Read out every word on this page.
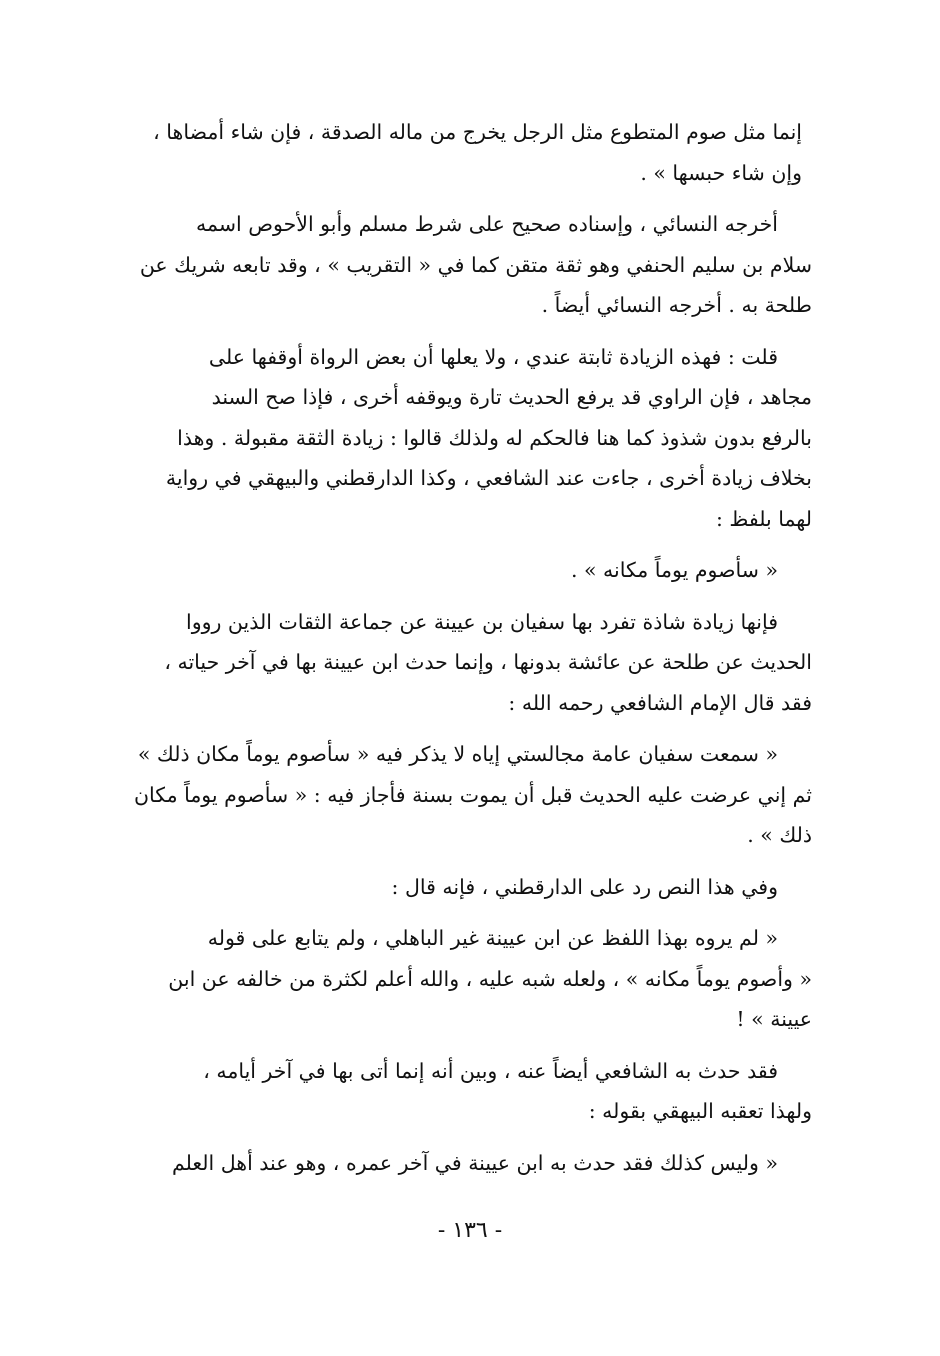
إنما مثل صوم المتطوع مثل الرجل يخرج من ماله الصدقة ، فإن شاء أمضاها ،
وإن شاء حبسها » .
أخرجه النسائي ، وإسناده صحيح على شرط مسلم وأبو الأحوص اسمه
سلام بن سليم الحنفي وهو ثقة متقن كما في « التقريب » ، وقد تابعه شريك عن
طلحة به . أخرجه النسائي أيضاً .
قلت : فهذه الزيادة ثابتة عندي ، ولا يعلها أن بعض الرواة أوقفها على
مجاهد ، فإن الراوي قد يرفع الحديث تارة ويوقفه أخرى ، فإذا صح السند
بالرفع بدون شذوذ كما هنا فالحكم له ولذلك قالوا : زيادة الثقة مقبولة . وهذا
بخلاف زيادة أخرى ، جاءت عند الشافعي ، وكذا الدارقطني والبيهقي في رواية
لهما بلفظ :
« سأصوم يوماً مكانه » .
فإنها زيادة شاذة تفرد بها سفيان بن عيينة عن جماعة الثقات الذين رووا
الحديث عن طلحة عن عائشة بدونها ، وإنما حدث ابن عيينة بها في آخر حياته ،
فقد قال الإمام الشافعي رحمه الله :
« سمعت سفيان عامة مجالستي إياه لا يذكر فيه « سأصوم يوماً مكان ذلك »
ثم إني عرضت عليه الحديث قبل أن يموت بسنة فأجاز فيه : « سأصوم يوماً مكان
ذلك » .
وفي هذا النص رد على الدارقطني ، فإنه قال :
« لم يروه بهذا اللفظ عن ابن عيينة غير الباهلي ، ولم يتابع على قوله
« وأصوم يوماً مكانه » ، ولعله شبه عليه ، والله أعلم لكثرة من خالفه عن ابن
عيينة » !
فقد حدث به الشافعي أيضاً عنه ، وبين أنه إنما أتى بها في آخر أيامه ،
ولهذا تعقبه البيهقي بقوله :
« وليس كذلك فقد حدث به ابن عيينة في آخر عمره ، وهو عند أهل العلم
- ١٣٦ -
